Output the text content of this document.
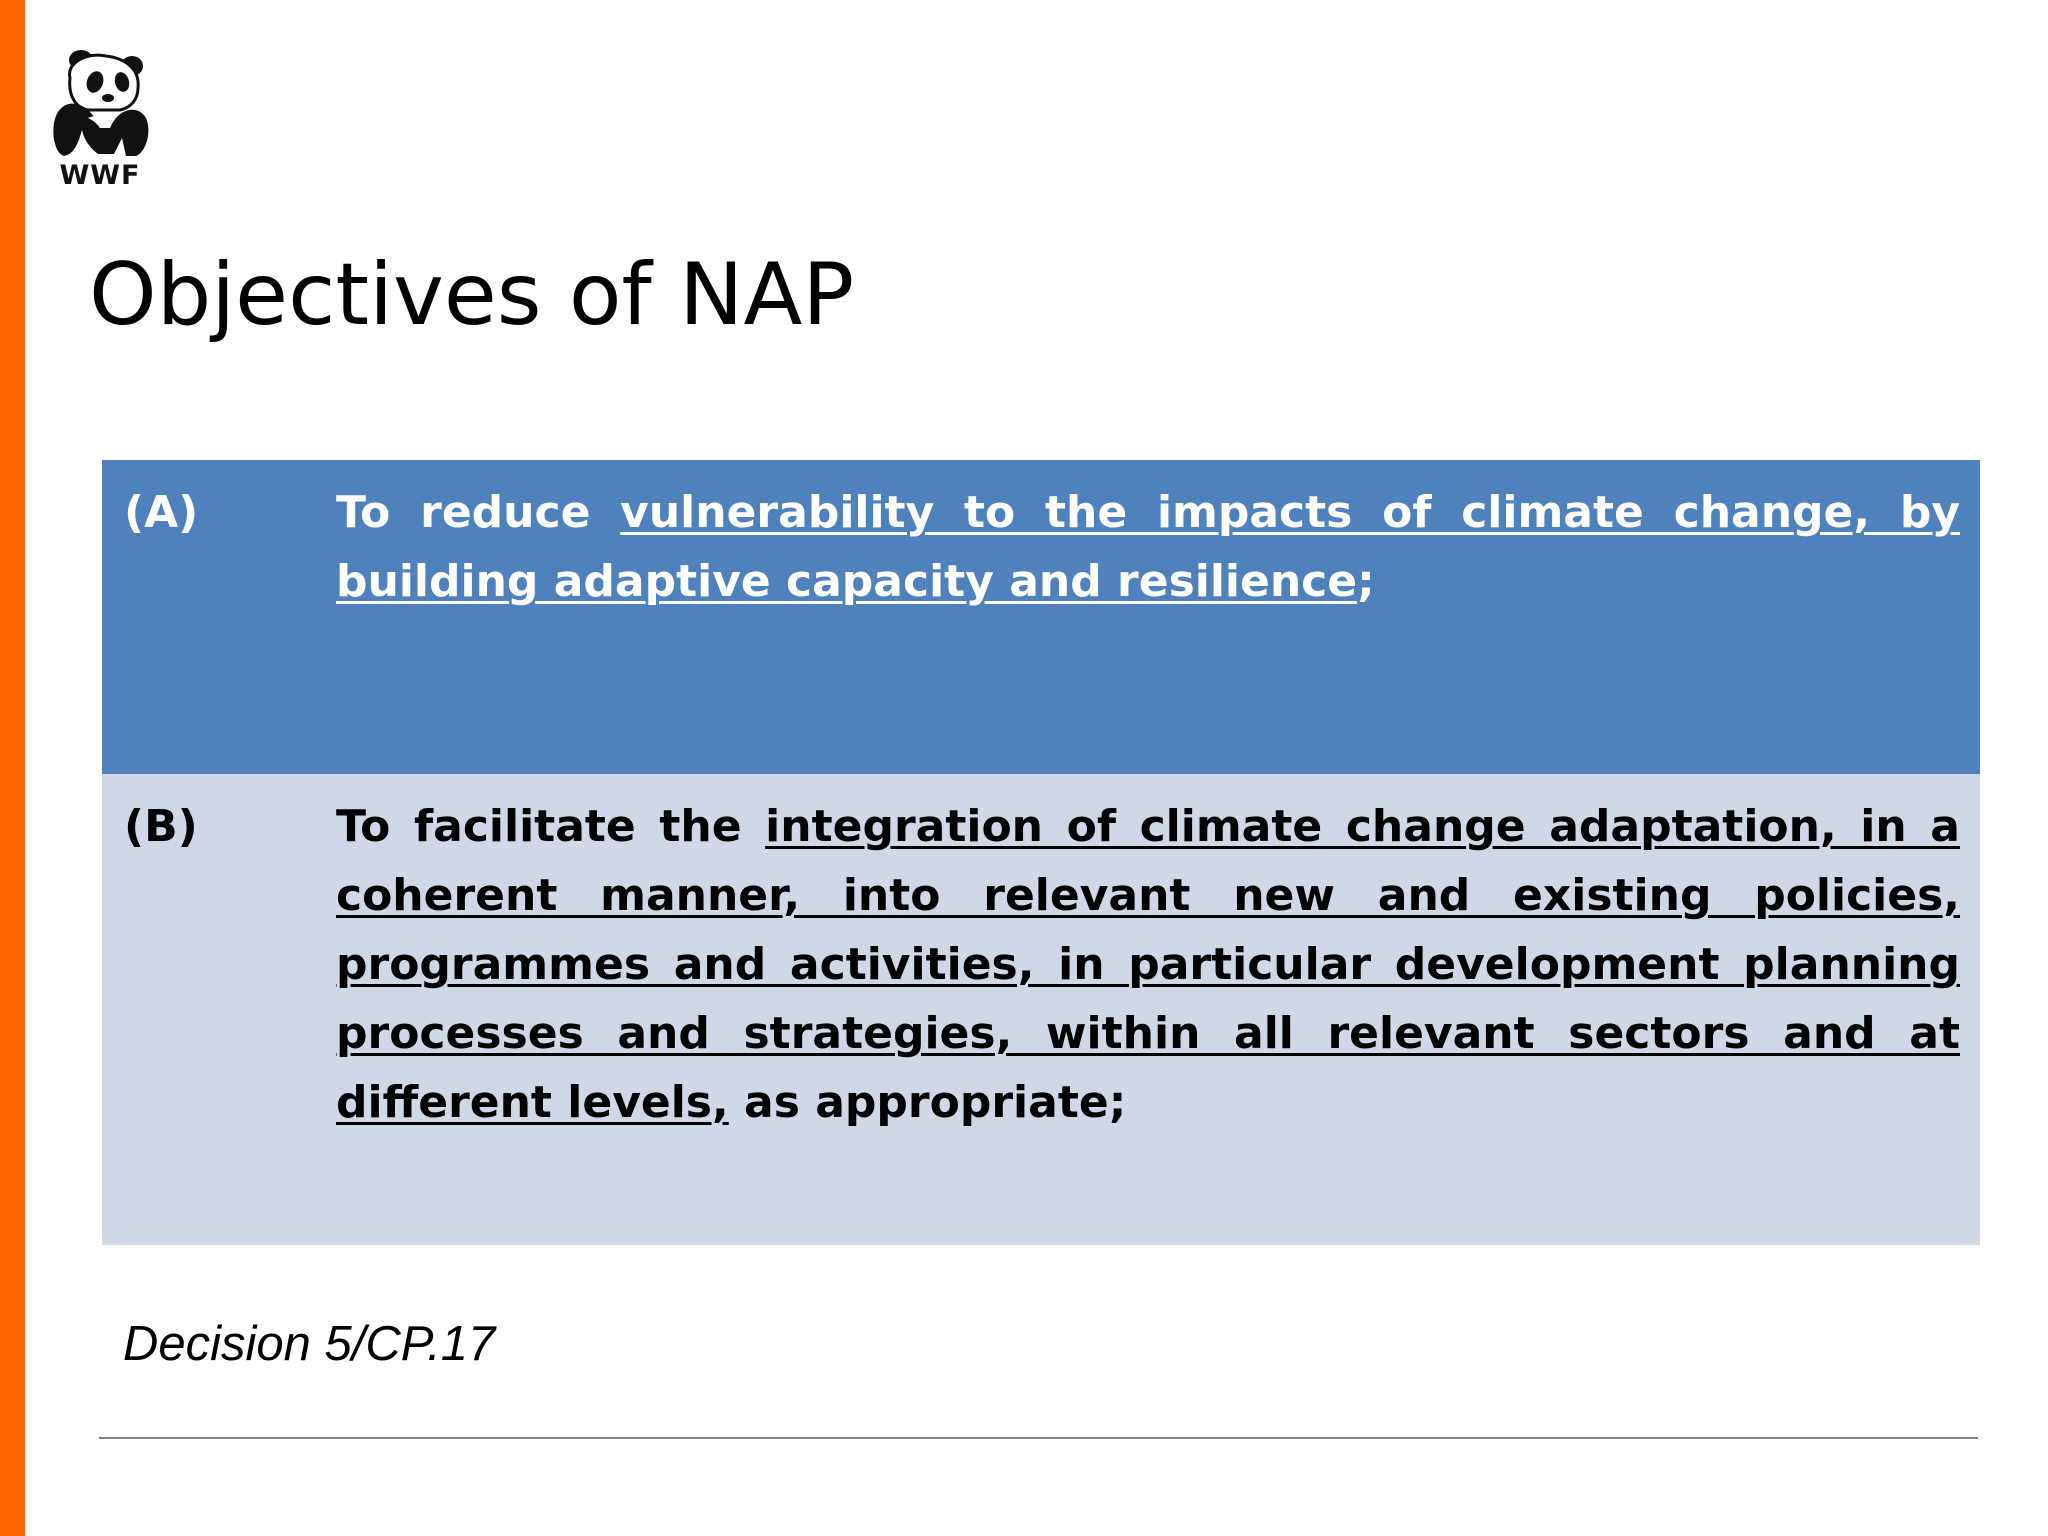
WWF
Objectives of NAP
(A)	To reduce vulnerability to the impacts of climate change, by building adaptive capacity and resilience;

(B)	To facilitate the integration of climate change adaptation, in a coherent manner, into relevant new and existing policies, programmes and activities, in particular development planning processes and strategies, within all relevant sectors and at different levels, as appropriate;

Decision 5/CP.17
